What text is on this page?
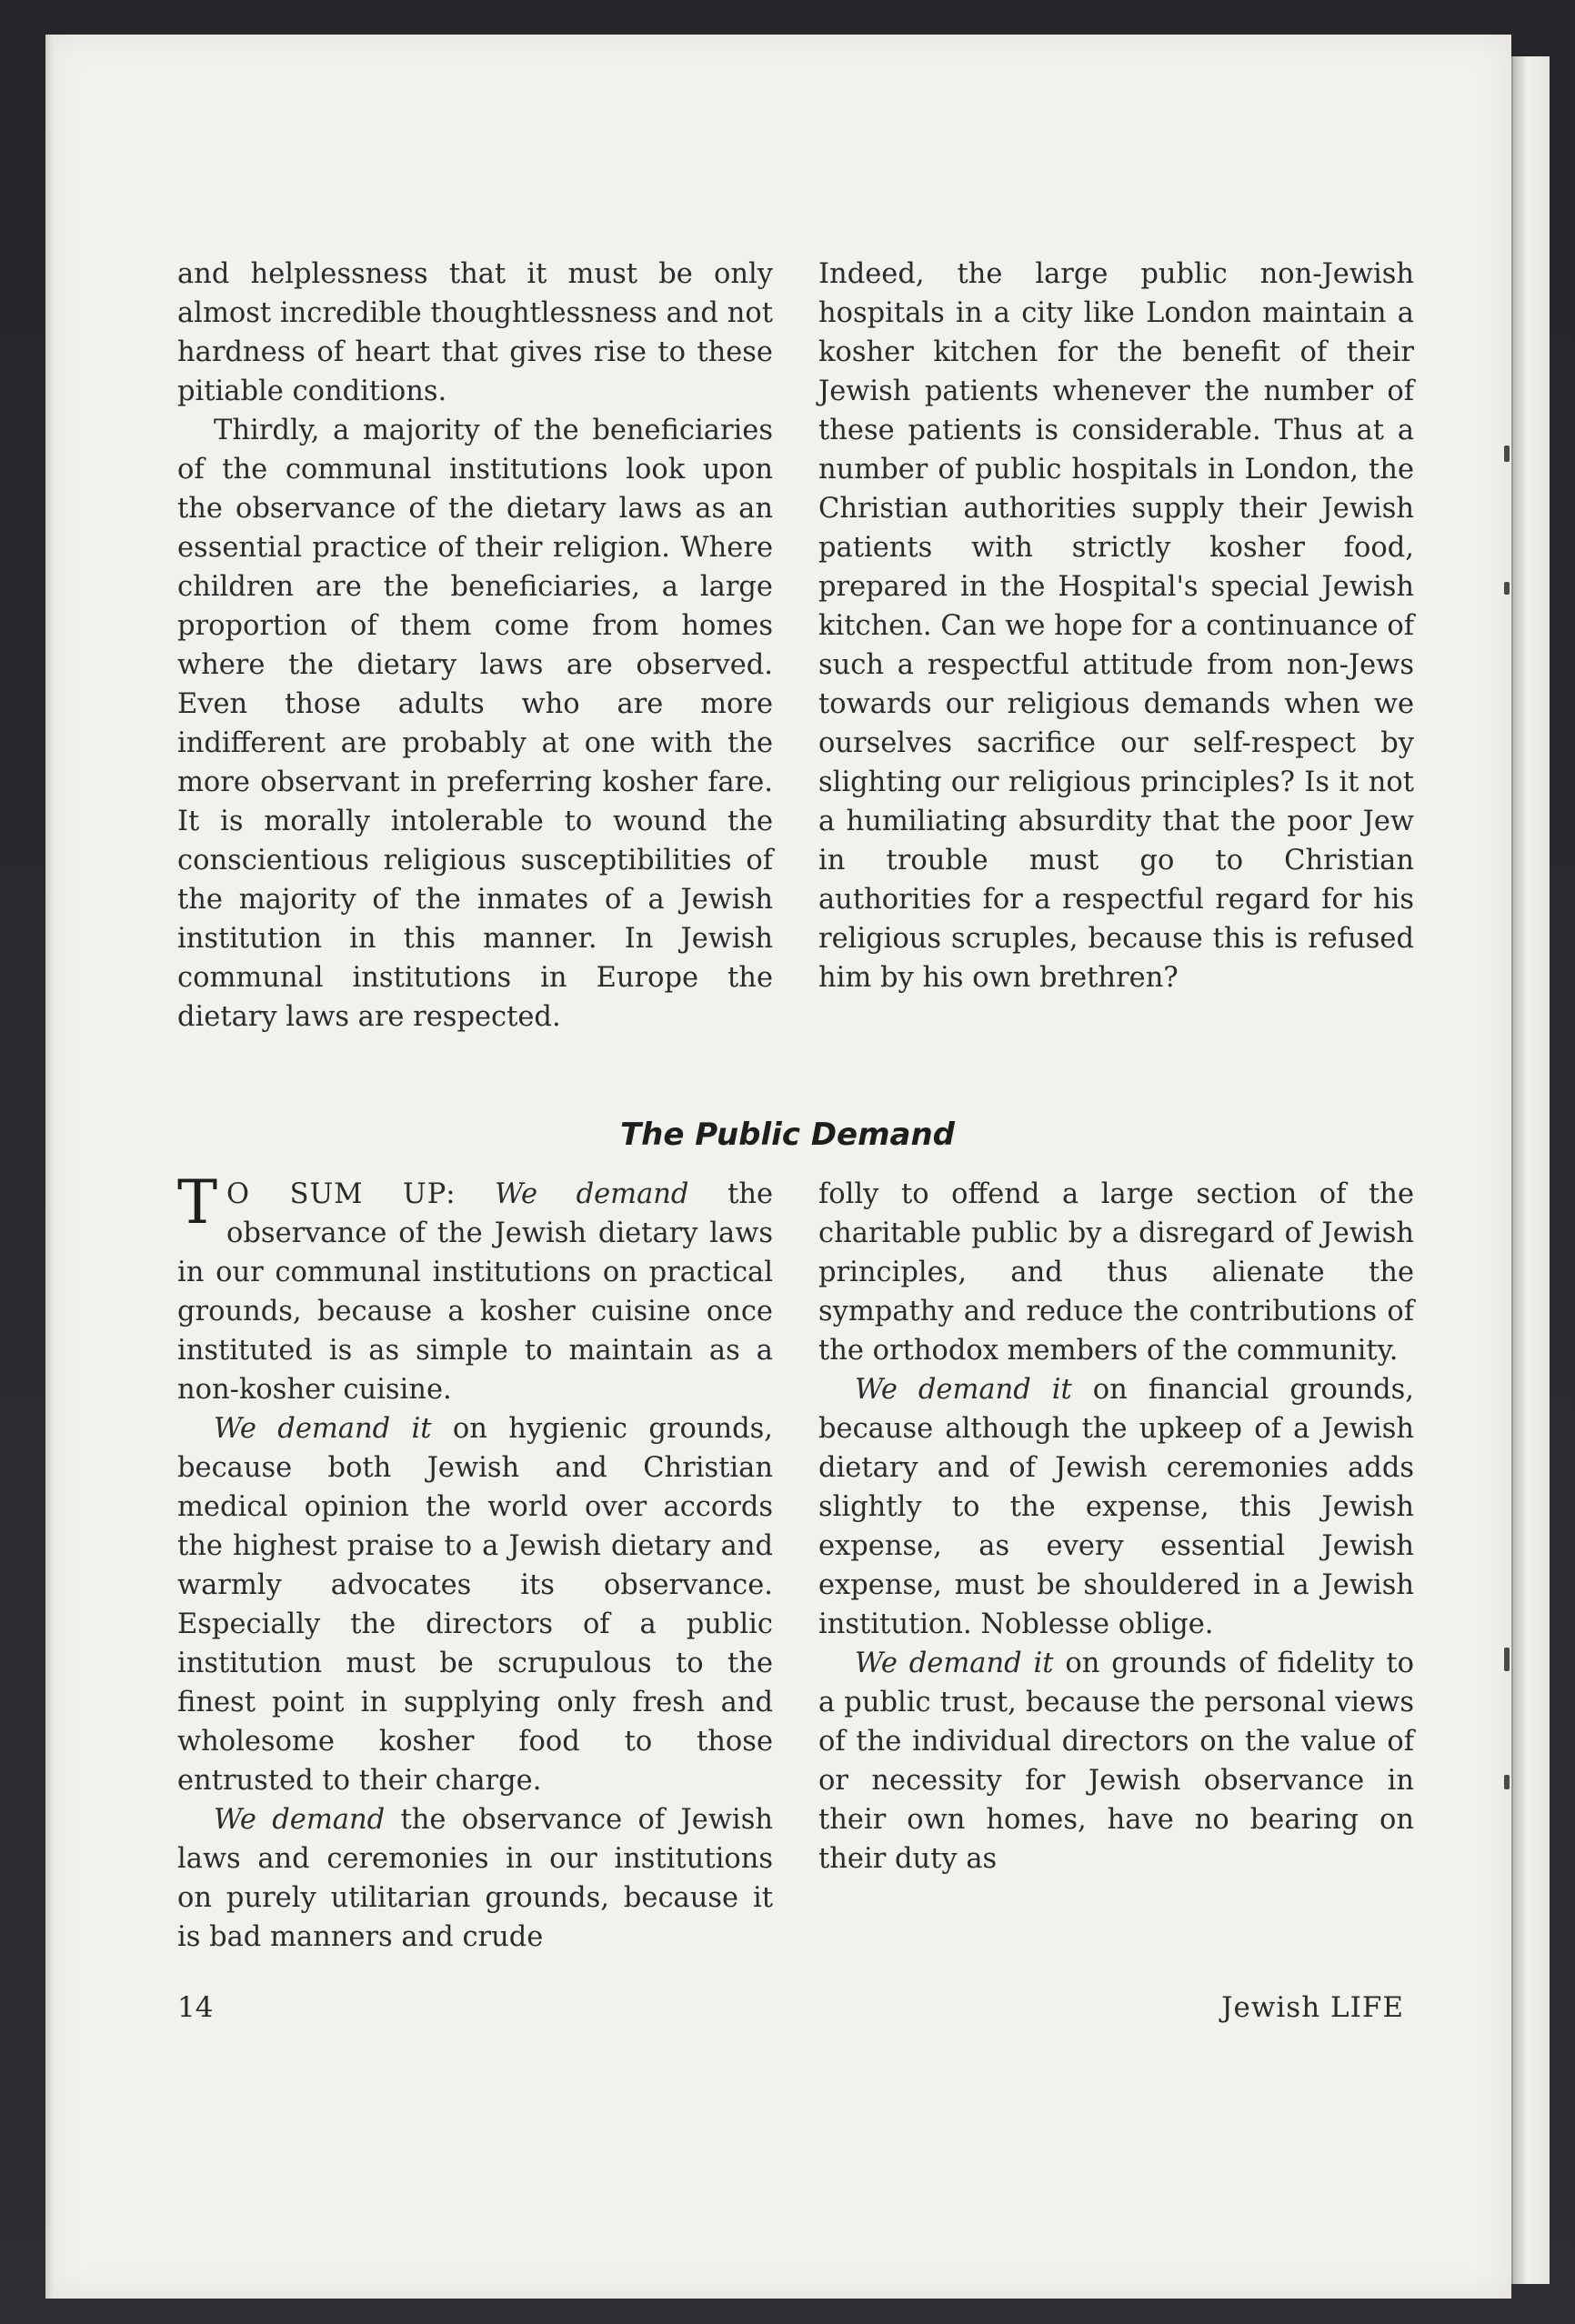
and helplessness that it must be only almost incredible thoughtlessness and not hardness of heart that gives rise to these pitiable conditions.

Thirdly, a majority of the beneficiaries of the communal institutions look upon the observance of the dietary laws as an essential practice of their religion. Where children are the beneficiaries, a large proportion of them come from homes where the dietary laws are observed. Even those adults who are more indifferent are probably at one with the more observant in preferring kosher fare. It is morally intolerable to wound the conscientious religious susceptibilities of the majority of the inmates of a Jewish institution in this manner. In Jewish communal institutions in Europe the dietary laws are respected.

Indeed, the large public non-Jewish hospitals in a city like London maintain a kosher kitchen for the benefit of their Jewish patients whenever the number of these patients is considerable. Thus at a number of public hospitals in London, the Christian authorities supply their Jewish patients with strictly kosher food, prepared in the Hospital's special Jewish kitchen. Can we hope for a continuance of such a respectful attitude from non-Jews towards our religious demands when we ourselves sacrifice our self-respect by slighting our religious principles? Is it not a humiliating absurdity that the poor Jew in trouble must go to Christian authorities for a respectful regard for his religious scruples, because this is refused him by his own brethren?

The Public Demand

T O SUM UP: We demand the observance of the Jewish dietary laws in our communal institutions on practical grounds, because a kosher cuisine once instituted is as simple to maintain as a non-kosher cuisine.

We demand it on hygienic grounds, because both Jewish and Christian medical opinion the world over accords the highest praise to a Jewish dietary and warmly advocates its observance. Especially the directors of a public institution must be scrupulous to the finest point in supplying only fresh and wholesome kosher food to those entrusted to their charge.

We demand the observance of Jewish laws and ceremonies in our institutions on purely utilitarian grounds, because it is bad manners and crude

folly to offend a large section of the charitable public by a disregard of Jewish principles, and thus alienate the sympathy and reduce the contributions of the orthodox members of the community.

We demand it on financial grounds, because although the upkeep of a Jewish dietary and of Jewish ceremonies adds slightly to the expense, this Jewish expense, as every essential Jewish expense, must be shouldered in a Jewish institution. Noblesse oblige.

We demand it on grounds of fidelity to a public trust, because the personal views of the individual directors on the value of or necessity for Jewish observance in their own homes, have no bearing on their duty as

14	Jewish LIFE
